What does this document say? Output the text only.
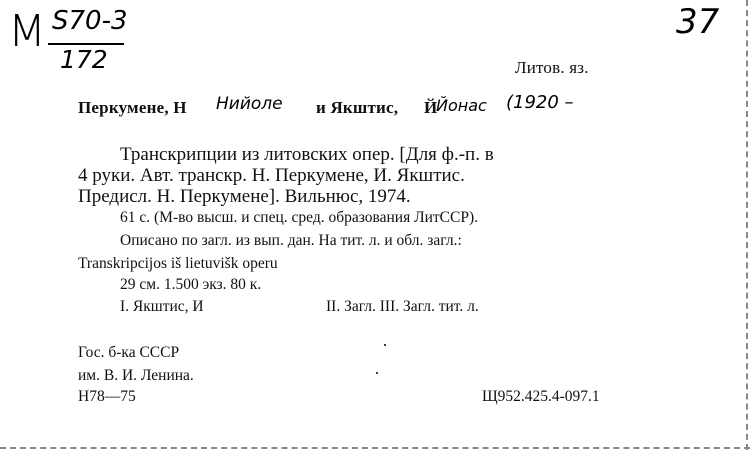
М S70-3
172
37
Литов. яз.
Перкумене, Н Нийоле и Якштис, Й
Йонас (1920 –
Транскрипции из литовских опер. [Для ф.-п. в
4 руки. Авт. транскр. Н. Перкумене, И. Якштис.
Предисл. Н. Перкумене]. Вильнюс, 1974.
61 с. (М-во высш. и спец. сред. образования ЛитССР).
Описано по загл. из вып. дан. На тит. л. и обл. загл.:
Transkripcijos iš lietuvišk operu
29 см. 1.500 экз. 80 к.
I. Якштис, И	II. Загл. III. Загл. тит. л.
Гос. б-ка СССР
им. В. И. Ленина.
Н78—75	Щ952.425.4-097.1
